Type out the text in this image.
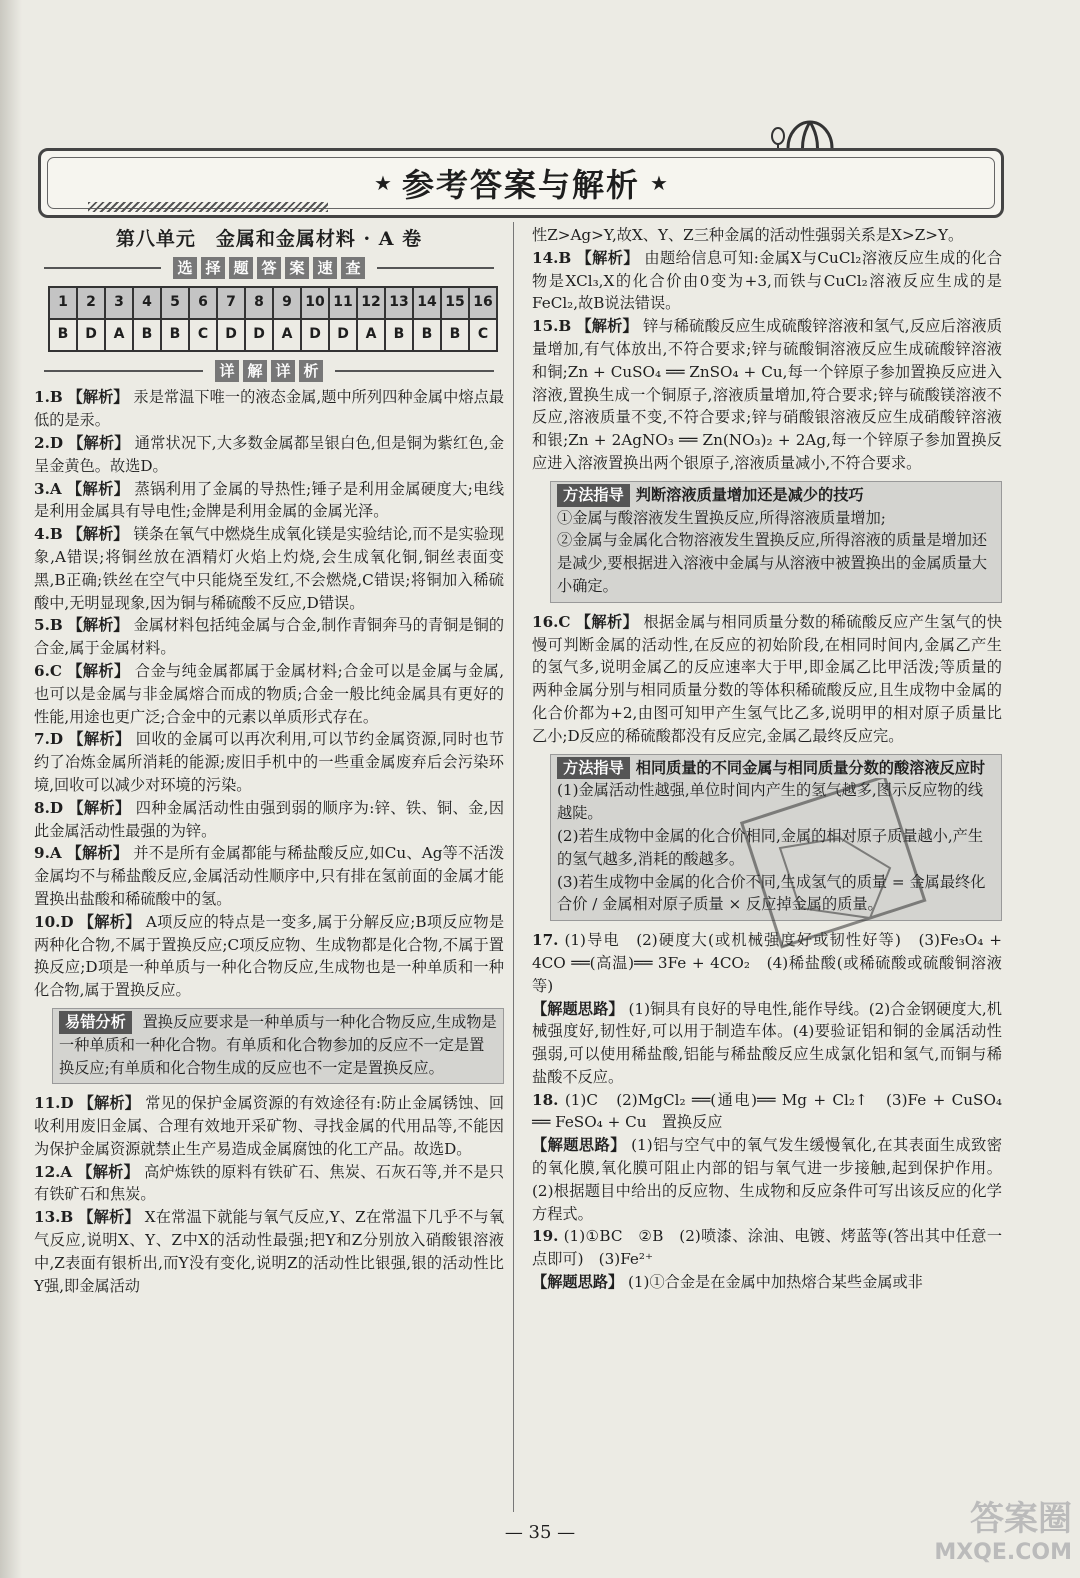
★ 参考答案与解析 ★
第八单元　金属和金属材料 · A 卷
选 择 题 答 案 速 查
1	2	3	4	5	6	7	8	9	10	11	12	13	14	15	16
B	D	A	B	B	C	D	D	A	D	D	A	B	B	B	C
详 解 详 析

1.B 【解析】 汞是常温下唯一的液态金属,题中所列四种金属中熔点最低的是汞。

2.D 【解析】 通常状况下,大多数金属都呈银白色,但是铜为紫红色,金呈金黄色。故选D。

3.A 【解析】 蒸锅利用了金属的导热性;锤子是利用金属硬度大;电线是利用金属具有导电性;金牌是利用金属的金属光泽。

4.B 【解析】 镁条在氧气中燃烧生成氧化镁是实验结论,而不是实验现象,A错误;将铜丝放在酒精灯火焰上灼烧,会生成氧化铜,铜丝表面变黑,B正确;铁丝在空气中只能烧至发红,不会燃烧,C错误;将铜加入稀硫酸中,无明显现象,因为铜与稀硫酸不反应,D错误。

5.B 【解析】 金属材料包括纯金属与合金,制作青铜奔马的青铜是铜的合金,属于金属材料。

6.C 【解析】 合金与纯金属都属于金属材料;合金可以是金属与金属,也可以是金属与非金属熔合而成的物质;合金一般比纯金属具有更好的性能,用途也更广泛;合金中的元素以单质形式存在。

7.D 【解析】 回收的金属可以再次利用,可以节约金属资源,同时也节约了冶炼金属所消耗的能源;废旧手机中的一些重金属废弃后会污染环境,回收可以减少对环境的污染。

8.D 【解析】 四种金属活动性由强到弱的顺序为:锌、铁、铜、金,因此金属活动性最强的为锌。

9.A 【解析】 并不是所有金属都能与稀盐酸反应,如Cu、Ag等不活泼金属均不与稀盐酸反应,金属活动性顺序中,只有排在氢前面的金属才能置换出盐酸和稀硫酸中的氢。

10.D 【解析】 A项反应的特点是一变多,属于分解反应;B项反应物是两种化合物,不属于置换反应;C项反应物、生成物都是化合物,不属于置换反应;D项是一种单质与一种化合物反应,生成物也是一种单质和一种化合物,属于置换反应。

易错分析 置换反应要求是一种单质与一种化合物反应,生成物是一种单质和一种化合物。有单质和化合物参加的反应不一定是置换反应;有单质和化合物生成的反应也不一定是置换反应。

11.D 【解析】 常见的保护金属资源的有效途径有:防止金属锈蚀、回收利用废旧金属、合理有效地开采矿物、寻找金属的代用品等,不能因为保护金属资源就禁止生产易造成金属腐蚀的化工产品。故选D。

12.A 【解析】 高炉炼铁的原料有铁矿石、焦炭、石灰石等,并不是只有铁矿石和焦炭。

13.B 【解析】 X在常温下就能与氧气反应,Y、Z在常温下几乎不与氧气反应,说明X、Y、Z中X的活动性最强;把Y和Z分别放入硝酸银溶液中,Z表面有银析出,而Y没有变化,说明Z的活动性比银强,银的活动性比Y强,即金属活动

性Z>Ag>Y,故X、Y、Z三种金属的活动性强弱关系是X>Z>Y。

14.B 【解析】 由题给信息可知:金属X与CuCl₂溶液反应生成的化合物是XCl₃,X的化合价由0变为+3,而铁与CuCl₂溶液反应生成的是FeCl₂,故B说法错误。

15.B 【解析】 锌与稀硫酸反应生成硫酸锌溶液和氢气,反应后溶液质量增加,有气体放出,不符合要求;锌与硫酸铜溶液反应生成硫酸锌溶液和铜;Zn + CuSO₄ ══ ZnSO₄ + Cu,每一个锌原子参加置换反应进入溶液,置换生成一个铜原子,溶液质量增加,符合要求;锌与硫酸镁溶液不反应,溶液质量不变,不符合要求;锌与硝酸银溶液反应生成硝酸锌溶液和银;Zn + 2AgNO₃ ══ Zn(NO₃)₂ + 2Ag,每一个锌原子参加置换反应进入溶液置换出两个银原子,溶液质量减小,不符合要求。

方法指导 判断溶液质量增加还是减少的技巧
①金属与酸溶液发生置换反应,所得溶液质量增加;
②金属与金属化合物溶液发生置换反应,所得溶液的质量是增加还是减少,要根据进入溶液中金属与从溶液中被置换出的金属质量大小确定。

16.C 【解析】 根据金属与相同质量分数的稀硫酸反应产生氢气的快慢可判断金属的活动性,在反应的初始阶段,在相同时间内,金属乙产生的氢气多,说明金属乙的反应速率大于甲,即金属乙比甲活泼;等质量的两种金属分别与相同质量分数的等体积稀硫酸反应,且生成物中金属的化合价都为+2,由图可知甲产生氢气比乙多,说明甲的相对原子质量比乙小;D反应的稀硫酸都没有反应完,金属乙最终反应完。

方法指导 相同质量的不同金属与相同质量分数的酸溶液反应时
(1)金属活动性越强,单位时间内产生的氢气越多,图示反应物的线越陡。
(2)若生成物中金属的化合价相同,金属的相对原子质量越小,产生的氢气越多,消耗的酸越多。
(3)若生成物中金属的化合价不同,生成氢气的质量 = 金属最终化合价 / 金属相对原子质量 × 反应掉金属的质量。

17. (1)导电　(2)硬度大(或机械强度好或韧性好等)　(3)Fe₃O₄ + 4CO ══(高温)══ 3Fe + 4CO₂　(4)稀盐酸(或稀硫酸或硫酸铜溶液等)

【解题思路】 (1)铜具有良好的导电性,能作导线。(2)合金钢硬度大,机械强度好,韧性好,可以用于制造车体。(4)要验证铝和铜的金属活动性强弱,可以使用稀盐酸,铝能与稀盐酸反应生成氯化铝和氢气,而铜与稀盐酸不反应。

18. (1)C　(2)MgCl₂ ══(通电)══ Mg + Cl₂↑　(3)Fe + CuSO₄ ══ FeSO₄ + Cu　置换反应

【解题思路】 (1)铝与空气中的氧气发生缓慢氧化,在其表面生成致密的氧化膜,氧化膜可阻止内部的铝与氧气进一步接触,起到保护作用。(2)根据题目中给出的反应物、生成物和反应条件可写出该反应的化学方程式。

19. (1)①BC　②B　(2)喷漆、涂油、电镀、烤蓝等(答出其中任意一点即可)　(3)Fe²⁺

【解题思路】 (1)①合金是在金属中加热熔合某些金属或非

— 35 —	答案圈
MXQE.COM
